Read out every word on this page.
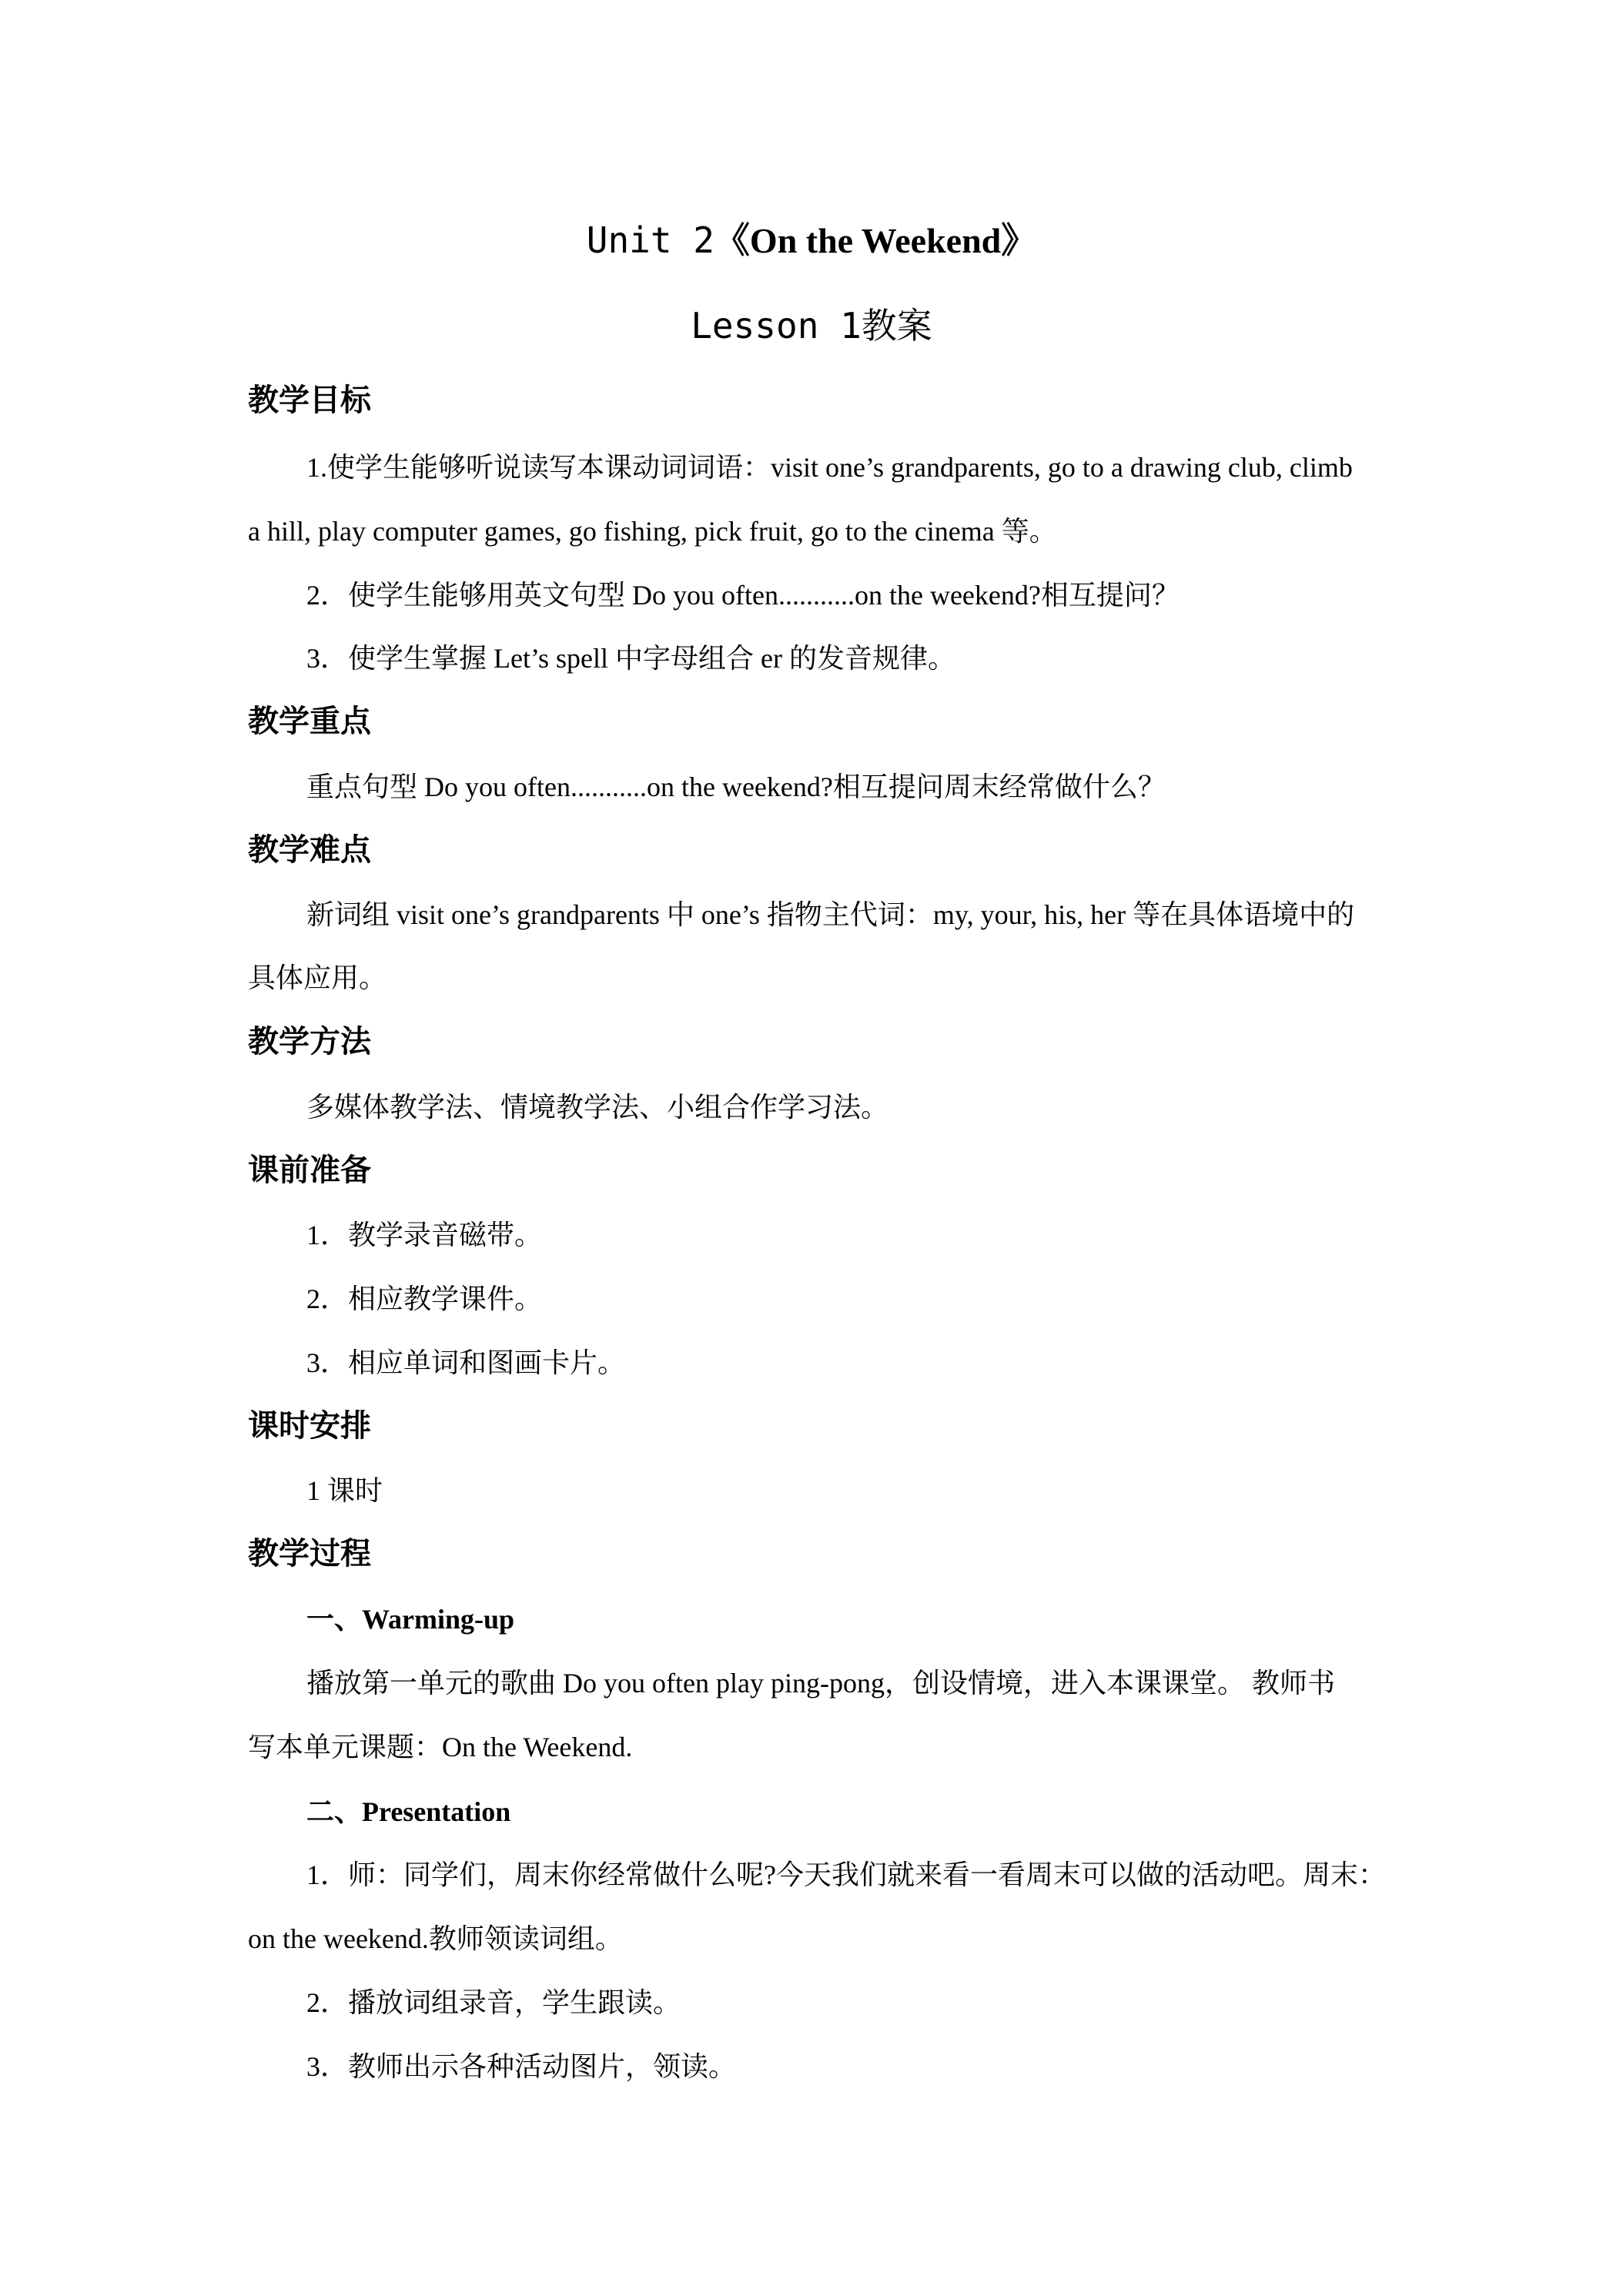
Unit 2《On the Weekend》
Lesson 1教案
教学目标
1.使学生能够听说读写本课动词词语：visit one’s grandparents, go to a drawing club, climb
a hill, play computer games, go fishing, pick fruit, go to the cinema 等。
2．使学生能够用英文句型 Do you often...........on the weekend?相互提问？
3．使学生掌握 Let’s spell 中字母组合 er 的发音规律。
教学重点
重点句型 Do you often...........on the weekend?相互提问周末经常做什么？
教学难点
新词组 visit one’s grandparents 中 one’s 指物主代词：my, your, his, her 等在具体语境中的
具体应用。
教学方法
多媒体教学法、情境教学法、小组合作学习法。
课前准备
1．教学录音磁带。
2．相应教学课件。
3．相应单词和图画卡片。
课时安排
1 课时
教学过程
一、Warming-up
播放第一单元的歌曲 Do you often play ping-pong，创设情境，进入本课课堂。 教师书
写本单元课题：On the Weekend.
二、Presentation
1．师：同学们，周末你经常做什么呢?今天我们就来看一看周末可以做的活动吧。周末：
on the weekend.教师领读词组。
2．播放词组录音，学生跟读。
3．教师出示各种活动图片，领读。
